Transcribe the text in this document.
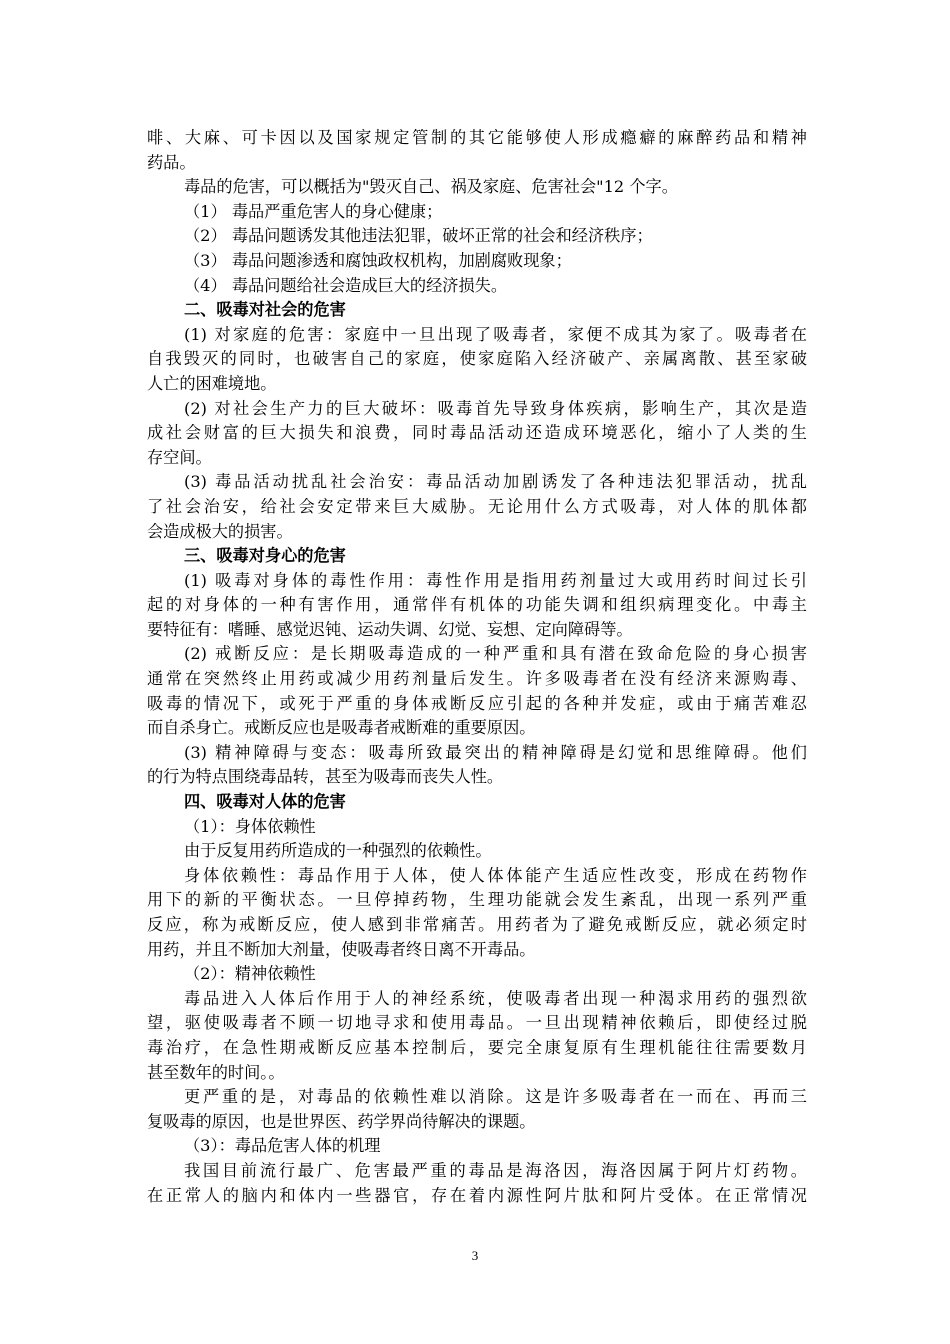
啡、大麻、可卡因以及国家规定管制的其它能够使人形成瘾癖的麻醉药品和精神
药品。
毒品的危害，可以概括为"毁灭自己、祸及家庭、危害社会"12 个字。
（1） 毒品严重危害人的身心健康；
（2） 毒品问题诱发其他违法犯罪，破坏正常的社会和经济秩序；
（3） 毒品问题渗透和腐蚀政权机构，加剧腐败现象；
（4） 毒品问题给社会造成巨大的经济损失。
二、吸毒对社会的危害
(1) 对家庭的危害：家庭中一旦出现了吸毒者，家便不成其为家了。吸毒者在
自我毁灭的同时，也破害自己的家庭，使家庭陷入经济破产、亲属离散、甚至家破
人亡的困难境地。
(2) 对社会生产力的巨大破坏：吸毒首先导致身体疾病，影响生产，其次是造
成社会财富的巨大损失和浪费，同时毒品活动还造成环境恶化，缩小了人类的生
存空间。
(3) 毒品活动扰乱社会治安：毒品活动加剧诱发了各种违法犯罪活动，扰乱
了社会治安，给社会安定带来巨大威胁。无论用什么方式吸毒，对人体的肌体都
会造成极大的损害。
三、吸毒对身心的危害
(1) 吸毒对身体的毒性作用：毒性作用是指用药剂量过大或用药时间过长引
起的对身体的一种有害作用，通常伴有机体的功能失调和组织病理变化。中毒主
要特征有：嗜睡、感觉迟钝、运动失调、幻觉、妄想、定向障碍等。
(2) 戒断反应：是长期吸毒造成的一种严重和具有潜在致命危险的身心损害
通常在突然终止用药或减少用药剂量后发生。许多吸毒者在没有经济来源购毒、
吸毒的情况下，或死于严重的身体戒断反应引起的各种并发症，或由于痛苦难忍
而自杀身亡。戒断反应也是吸毒者戒断难的重要原因。
(3) 精神障碍与变态：吸毒所致最突出的精神障碍是幻觉和思维障碍。他们
的行为特点围绕毒品转，甚至为吸毒而丧失人性。
四、吸毒对人体的危害
（1）：身体依赖性
由于反复用药所造成的一种强烈的依赖性。
身体依赖性：毒品作用于人体，使人体体能产生适应性改变，形成在药物作
用下的新的平衡状态。一旦停掉药物，生理功能就会发生紊乱，出现一系列严重
反应，称为戒断反应，使人感到非常痛苦。用药者为了避免戒断反应，就必须定时
用药，并且不断加大剂量，使吸毒者终日离不开毒品。
（2）：精神依赖性
毒品进入人体后作用于人的神经系统，使吸毒者出现一种渴求用药的强烈欲
望，驱使吸毒者不顾一切地寻求和使用毒品。一旦出现精神依赖后，即使经过脱
毒治疗，在急性期戒断反应基本控制后，要完全康复原有生理机能往往需要数月
甚至数年的时间。。
更严重的是，对毒品的依赖性难以消除。这是许多吸毒者在一而在、再而三
复吸毒的原因，也是世界医、药学界尚待解决的课题。
（3）：毒品危害人体的机理
我国目前流行最广、危害最严重的毒品是海洛因，海洛因属于阿片灯药物。
在正常人的脑内和体内一些器官，存在着内源性阿片肽和阿片受体。在正常情况
3
